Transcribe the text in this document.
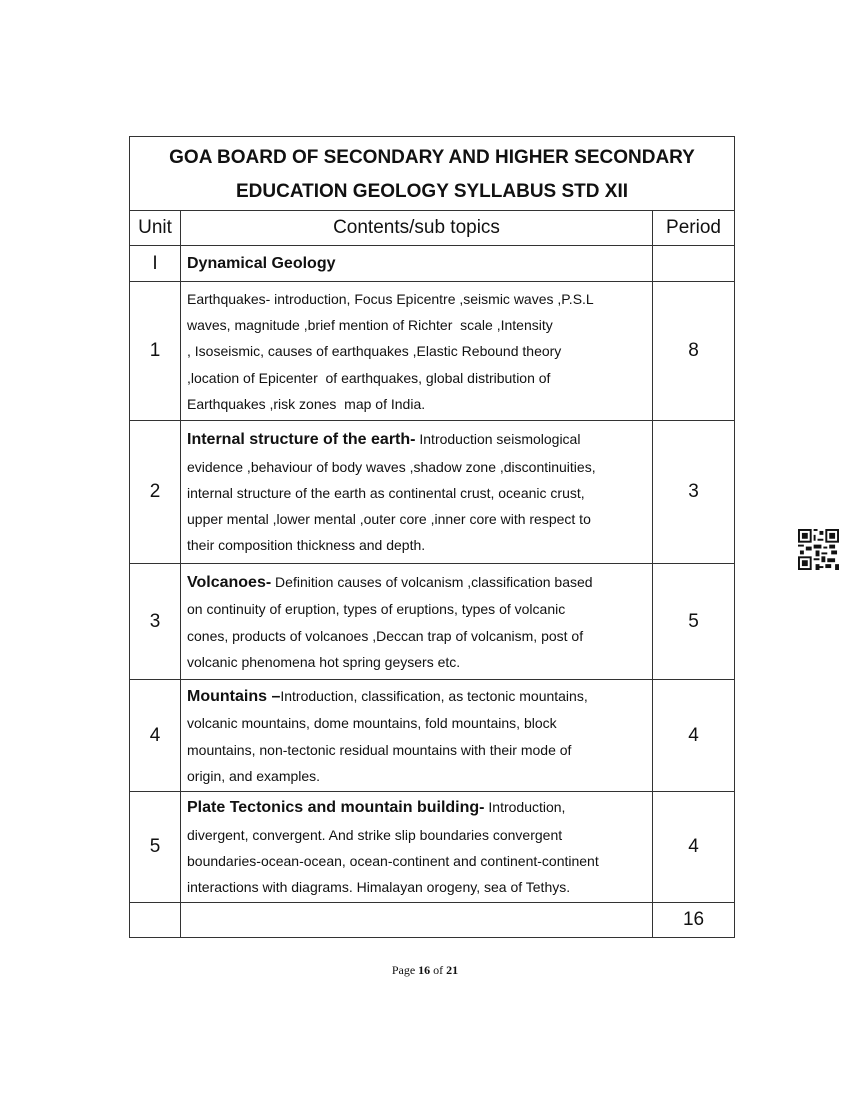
GOA BOARD OF SECONDARY AND HIGHER SECONDARY
EDUCATION GEOLOGY SYLLABUS STD XII		

Unit	Contents/sub topics	Period
I	Dynamical Geology	
1	Earthquakes- introduction, Focus Epicentre ,seismic waves ,P.S.L
waves, magnitude ,brief mention of Richter  scale ,Intensity
, Isoseismic, causes of earthquakes ,Elastic Rebound theory
,location of Epicenter  of earthquakes, global distribution of
Earthquakes ,risk zones  map of India.	8
2	Internal structure of the earth- Introduction seismological
evidence ,behaviour of body waves ,shadow zone ,discontinuities,
internal structure of the earth as continental crust, oceanic crust,
upper mental ,lower mental ,outer core ,inner core with respect to
their composition thickness and depth.	3
3	Volcanoes- Definition causes of volcanism ,classification based
on continuity of eruption, types of eruptions, types of volcanic
cones, products of volcanoes ,Deccan trap of volcanism, post of
volcanic phenomena hot spring geysers etc.	5
4	Mountains –Introduction, classification, as tectonic mountains,
volcanic mountains, dome mountains, fold mountains, block
mountains, non-tectonic residual mountains with their mode of
origin, and examples.	4
5	Plate Tectonics and mountain building- Introduction,
divergent, convergent. And strike slip boundaries convergent
boundaries-ocean-ocean, ocean-continent and continent-continent
interactions with diagrams. Himalayan orogeny, sea of Tethys.	4
		16
Page 16 of 21
